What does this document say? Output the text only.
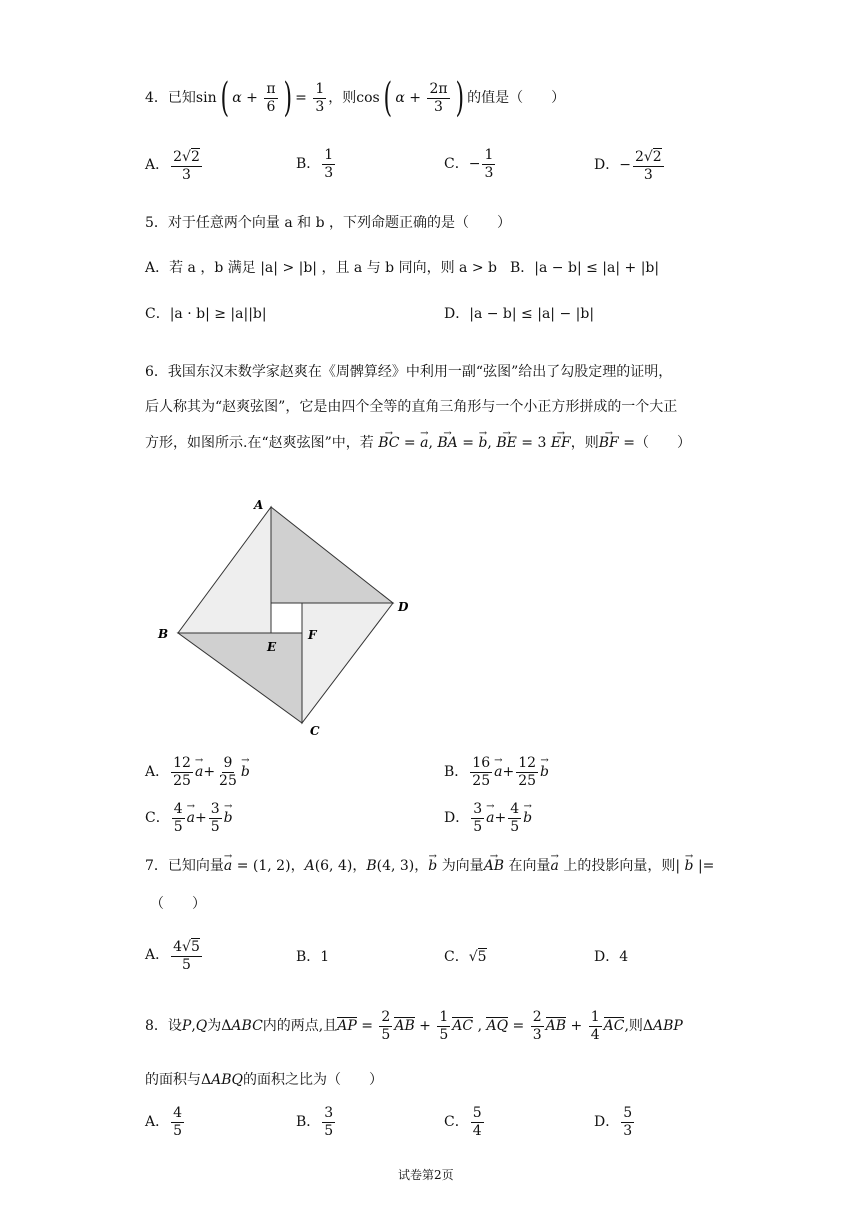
4．已知sin( $\alpha + \frac{\pi}{6}$ ) = $\frac{1}{3}$ ，则cos( $\alpha + \frac{2\pi}{3}$ ) 的值是（　　）
A． $\frac{2√2}{3}$	B． $\frac{1}{3}$	C．− $\frac{1}{3}$	D．− $\frac{2√2}{3}$
5．对于任意两个向量 a 和 b ，下列命题正确的是（　　）
A．若 a ，b 满足 |a| > |b| ，且 a 与 b 同向，则 a > b B．|a − b| ≤ |a| + |b|
C．|a · b| ≥ |a||b|	D．|a − b| ≤ |a| − |b|
6．我国东汉末数学家赵爽在《周髀算经》中利用一副“弦图”给出了勾股定理的证明，
后人称其为“赵爽弦图”，它是由四个全等的直角三角形与一个小正方形拼成的一个大正
方形，如图所示.在“赵爽弦图”中，若 → BC = → a, → BA = → b, → BE = 3 → EF，则→ BF =（　　）
A
B
C
D
E
F
A． $\frac{12}{25}$
→ $a+ \frac{9}{25}$
→ b	B． $\frac{16}{25}$
→ $a+ \frac{12}{25}$
→ b
C． $\frac{4}{5}$
→ $a+ \frac{3}{5}$
→ b	D． $\frac{3}{5}$
→ $a+ \frac{4}{5}$
→ b
7．已知向量→ a = (1, 2)，A(6, 4)，B(4, 3)，→ b 为向量→ AB 在向量→ a 上的投影向量，则| → b |=
（　　）
A． $\frac{4√5}{5}$	B．1	C．√5	D．4
8．设P,Q为ΔABC内的两点,且AP = $\frac{2}{5}$ AB + $\frac{1}{5}$ AC , AQ = $\frac{2}{3}$ AB + $\frac{1}{4}$ AC,则ΔABP
的面积与ΔABQ的面积之比为（　　）
A． $\frac{4}{5}$	B． $\frac{3}{5}$	C． $\frac{5}{4}$	D． $\frac{5}{3}$
试卷第2页
